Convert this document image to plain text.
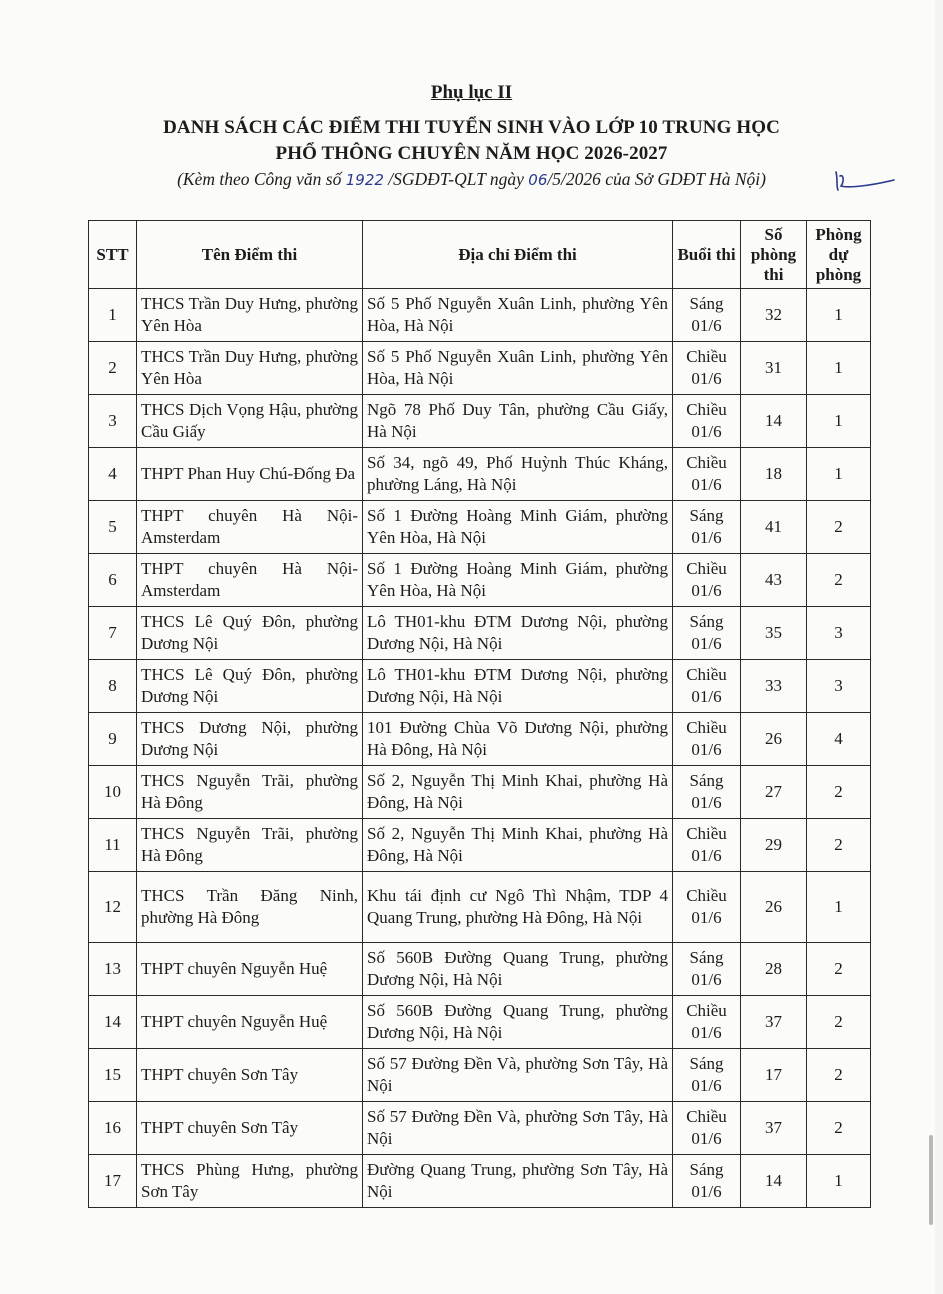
Phụ lục II
DANH SÁCH CÁC ĐIỂM THI TUYỂN SINH VÀO LỚP 10 TRUNG HỌC
PHỔ THÔNG CHUYÊN NĂM HỌC 2026-2027
(Kèm theo Công văn số 1922 /SGDĐT-QLT ngày 06/5/2026 của Sở GDĐT Hà Nội)
STT	Tên Điểm thi	Địa chỉ Điểm thi	Buổi thi	Số phòng thi	Phòng dự phòng
1	THCS Trần Duy Hưng, phường Yên Hòa	Số 5 Phố Nguyễn Xuân Linh, phường Yên Hòa, Hà Nội	Sáng 01/6	32	1
2	THCS Trần Duy Hưng, phường Yên Hòa	Số 5 Phố Nguyễn Xuân Linh, phường Yên Hòa, Hà Nội	Chiều 01/6	31	1
3	THCS Dịch Vọng Hậu, phường Cầu Giấy	Ngõ 78 Phố Duy Tân, phường Cầu Giấy, Hà Nội	Chiều 01/6	14	1
4	THPT Phan Huy Chú-Đống Đa	Số 34, ngõ 49, Phố Huỳnh Thúc Kháng, phường Láng, Hà Nội	Chiều 01/6	18	1
5	THPT chuyên Hà Nội-Amsterdam	Số 1 Đường Hoàng Minh Giám, phường Yên Hòa, Hà Nội	Sáng 01/6	41	2
6	THPT chuyên Hà Nội-Amsterdam	Số 1 Đường Hoàng Minh Giám, phường Yên Hòa, Hà Nội	Chiều 01/6	43	2
7	THCS Lê Quý Đôn, phường Dương Nội	Lô TH01-khu ĐTM Dương Nội, phường Dương Nội, Hà Nội	Sáng 01/6	35	3
8	THCS Lê Quý Đôn, phường Dương Nội	Lô TH01-khu ĐTM Dương Nội, phường Dương Nội, Hà Nội	Chiều 01/6	33	3
9	THCS Dương Nội, phường Dương Nội	101 Đường Chùa Võ Dương Nội, phường Hà Đông, Hà Nội	Chiều 01/6	26	4
10	THCS Nguyễn Trãi, phường Hà Đông	Số 2, Nguyễn Thị Minh Khai, phường Hà Đông, Hà Nội	Sáng 01/6	27	2
11	THCS Nguyễn Trãi, phường Hà Đông	Số 2, Nguyễn Thị Minh Khai, phường Hà Đông, Hà Nội	Chiều 01/6	29	2
12	THCS Trần Đăng Ninh, phường Hà Đông	Khu tái định cư Ngô Thì Nhậm, TDP 4 Quang Trung, phường Hà Đông, Hà Nội	Chiều 01/6	26	1
13	THPT chuyên Nguyễn Huệ	Số 560B Đường Quang Trung, phường Dương Nội, Hà Nội	Sáng 01/6	28	2
14	THPT chuyên Nguyễn Huệ	Số 560B Đường Quang Trung, phường Dương Nội, Hà Nội	Chiều 01/6	37	2
15	THPT chuyên Sơn Tây	Số 57 Đường Đền Và, phường Sơn Tây, Hà Nội	Sáng 01/6	17	2
16	THPT chuyên Sơn Tây	Số 57 Đường Đền Và, phường Sơn Tây, Hà Nội	Chiều 01/6	37	2
17	THCS Phùng Hưng, phường Sơn Tây	Đường Quang Trung, phường Sơn Tây, Hà Nội	Sáng 01/6	14	1
